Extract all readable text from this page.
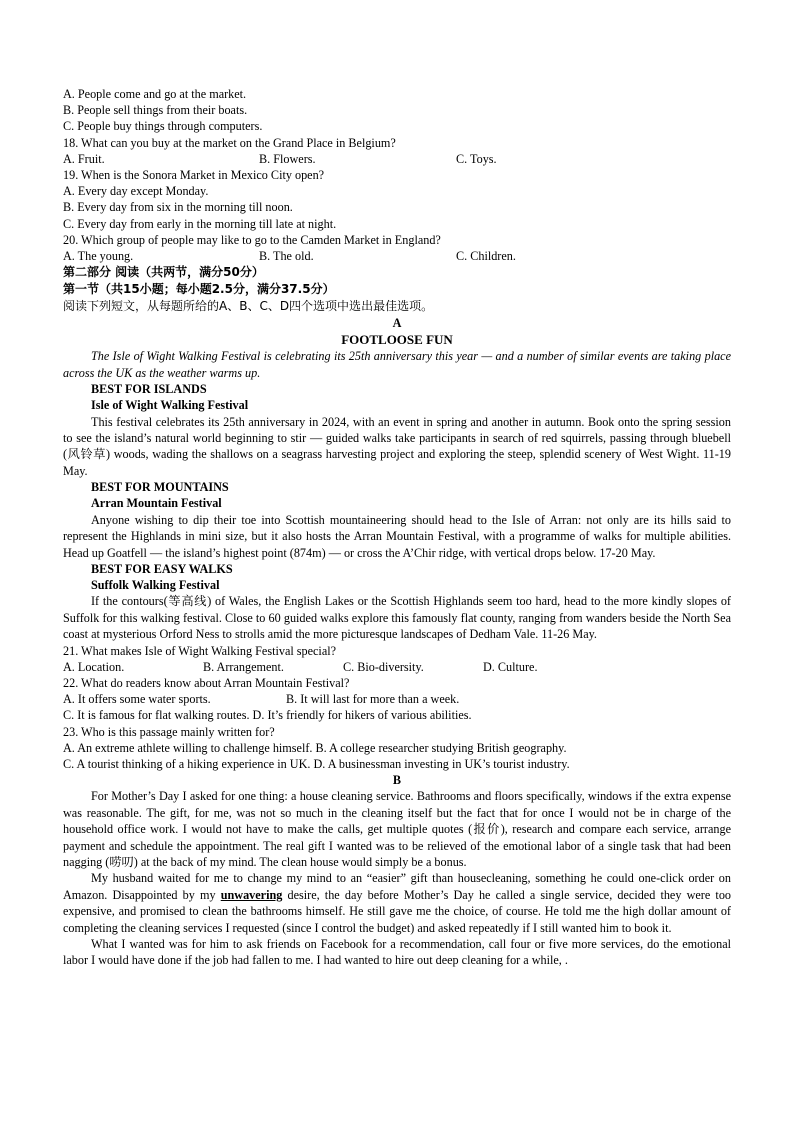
A. People come and go at the market.
B. People sell things from their boats.
C. People buy things through computers.
18. What can you buy at the market on the Grand Place in Belgium?
A. Fruit.	B. Flowers.	C. Toys.
19. When is the Sonora Market in Mexico City open?
A. Every day except Monday.
B. Every day from six in the morning till noon.
C. Every day from early in the morning till late at night.
20. Which group of people may like to go to the Camden Market in England?
A. The young.	B. The old.	C. Children.
第二部分 阅读（共两节，满分50分）
第一节（共15小题；每小题2.5分，满分37.5分）
阅读下列短文，从每题所给的A、B、C、D四个选项中选出最佳选项。
A
FOOTLOOSE FUN
The Isle of Wight Walking Festival is celebrating its 25th anniversary this year — and a number of similar events are taking place across the UK as the weather warms up.
BEST FOR ISLANDS
Isle of Wight Walking Festival
This festival celebrates its 25th anniversary in 2024, with an event in spring and another in autumn. Book onto the spring session to see the island’s natural world beginning to stir — guided walks take participants in search of red squirrels, passing through bluebell (风铃草) woods, wading the shallows on a seagrass harvesting project and exploring the steep, splendid scenery of West Wight. 11-19 May.
BEST FOR MOUNTAINS
Arran Mountain Festival
Anyone wishing to dip their toe into Scottish mountaineering should head to the Isle of Arran: not only are its hills said to represent the Highlands in mini size, but it also hosts the Arran Mountain Festival, with a programme of walks for multiple abilities. Head up Goatfell — the island’s highest point (874m) — or cross the A’Chir ridge, with vertical drops below. 17-20 May.
BEST FOR EASY WALKS
Suffolk Walking Festival
If the contours(等高线) of Wales, the English Lakes or the Scottish Highlands seem too hard, head to the more kindly slopes of Suffolk for this walking festival. Close to 60 guided walks explore this famously flat county, ranging from wanders beside the North Sea coast at mysterious Orford Ness to strolls amid the more picturesque landscapes of Dedham Vale. 11-26 May.
21. What makes Isle of Wight Walking Festival special?
A. Location.	B. Arrangement.	C. Bio-diversity.	D. Culture.
22. What do readers know about Arran Mountain Festival?
A. It offers some water sports.	B. It will last for more than a week.
C. It is famous for flat walking routes. D. It’s friendly for hikers of various abilities.
23. Who is this passage mainly written for?
A. An extreme athlete willing to challenge himself. B. A college researcher studying British geography.
C. A tourist thinking of a hiking experience in UK. D. A businessman investing in UK’s tourist industry.
B
For Mother’s Day I asked for one thing: a house cleaning service. Bathrooms and floors specifically, windows if the extra expense was reasonable. The gift, for me, was not so much in the cleaning itself but the fact that for once I would not be in charge of the household office work. I would not have to make the calls, get multiple quotes (报价), research and compare each service, arrange payment and schedule the appointment. The real gift I wanted was to be relieved of the emotional labor of a single task that had been nagging (唠叨) at the back of my mind. The clean house would simply be a bonus.
My husband waited for me to change my mind to an “easier” gift than housecleaning, something he could one-click order on Amazon. Disappointed by my unwavering desire, the day before Mother’s Day he called a single service, decided they were too expensive, and promised to clean the bathrooms himself. He still gave me the choice, of course. He told me the high dollar amount of completing the cleaning services I requested (since I control the budget) and asked repeatedly if I still wanted him to book it.
What I wanted was for him to ask friends on Facebook for a recommendation, call four or five more services, do the emotional labor I would have done if the job had fallen to me. I had wanted to hire out deep cleaning for a while, .
